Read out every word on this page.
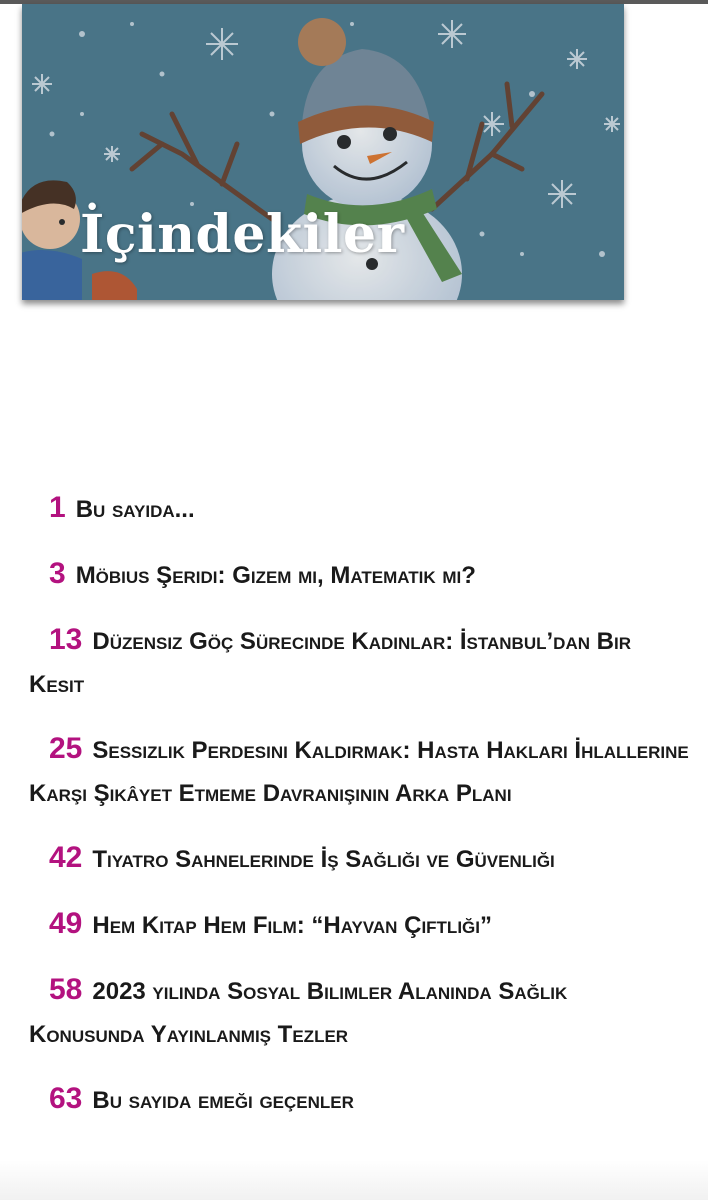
İçindekiler

1 Bu sayıda...

3 Möbius Şeridi: Gizem mi, Matematik mi?

13 Düzensiz Göç Sürecinde Kadınlar: İstanbul’dan Bir Kesit

25 Sessizlik Perdesini Kaldırmak: Hasta Hakları İhlallerine Karşı Şikâyet Etmeme Davranışının Arka Planı

42 Tiyatro Sahnelerinde İş Sağlığı ve Güvenliği

49 Hem Kitap Hem Film: “Hayvan Çiftliği”

58 2023 yılında Sosyal Bilimler Alanında Sağlık Konusunda Yayınlanmış Tezler

63 Bu sayıda emeği geçenler
